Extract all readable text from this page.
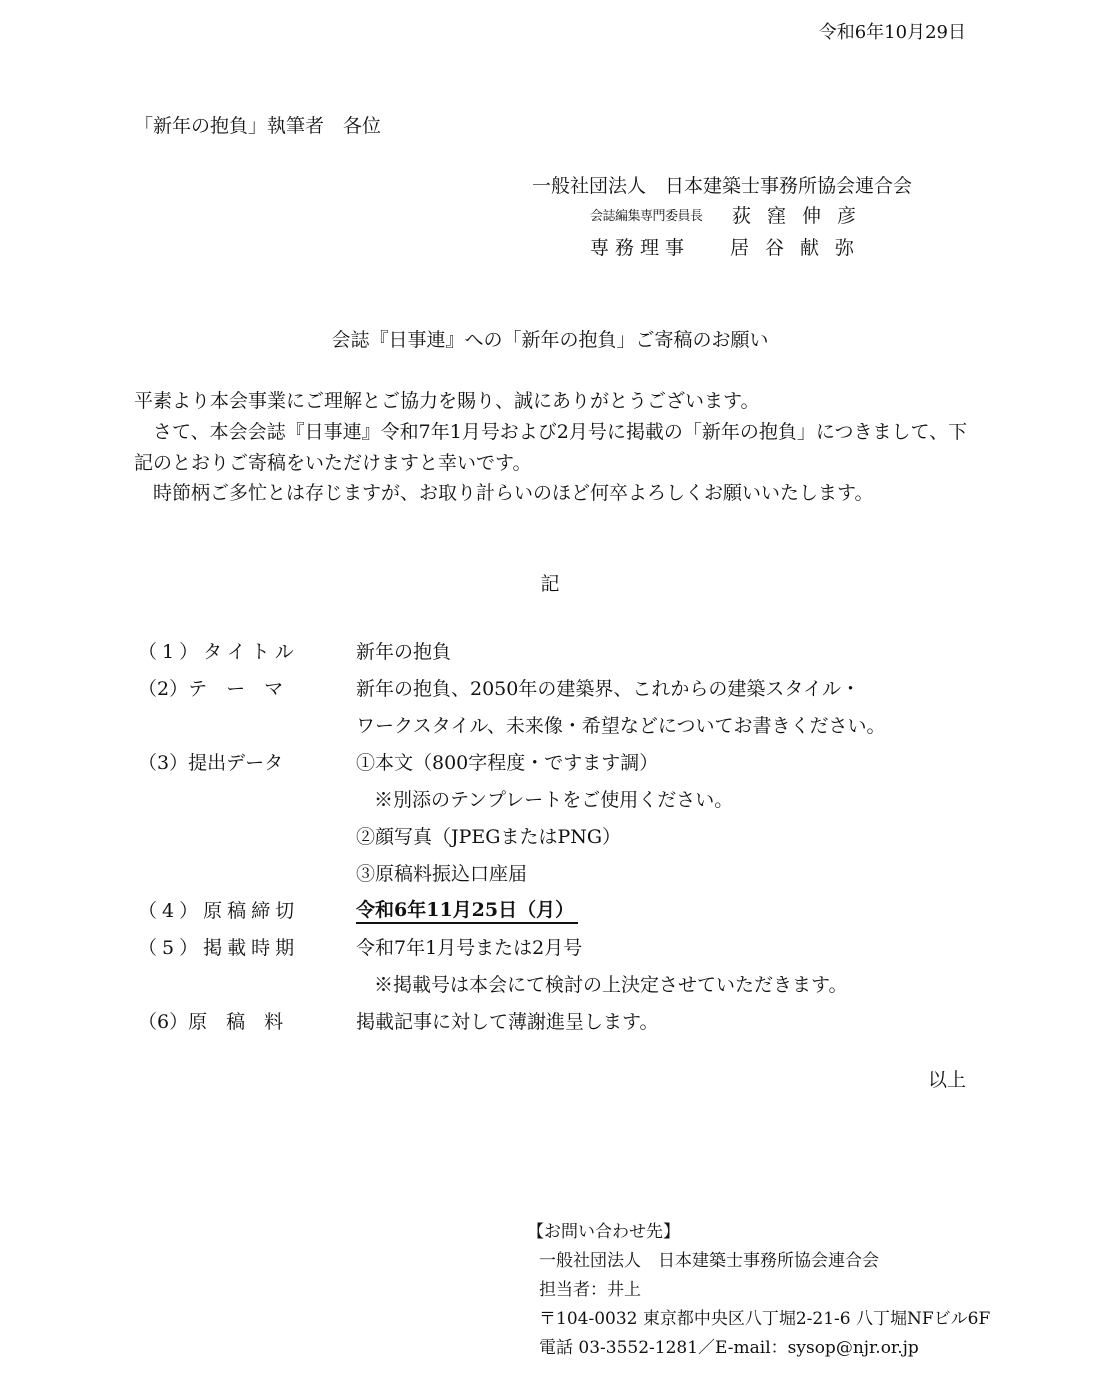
令和6年10月29日
「新年の抱負」執筆者　各位
一般社団法人　日本建築士事務所協会連合会
会誌編集専門委員長 荻窪伸彦
専務理事 居谷献弥
会誌『日事連』への「新年の抱負」ご寄稿のお願い

平素より本会事業にご理解とご協力を賜り、誠にありがとうございます。

　さて、本会会誌『日事連』令和7年1月号および2月号に掲載の「新年の抱負」につきまして、下記のとおりご寄稿をいただけますと幸いです。

　時節柄ご多忙とは存じますが、お取り計らいのほど何卒よろしくお願いいたします。

記
（1）タイトル	新年の抱負
（2）テ　ー　マ	新年の抱負、2050年の建築界、これからの建築スタイル・
ワークスタイル、未来像・希望などについてお書きください。
（3）提出データ	①本文（800字程度・ですます調）
※別添のテンプレートをご使用ください。
②顔写真（JPEGまたはPNG）
③原稿料振込口座届
（4）原稿締切	令和6年11月25日（月）
（5）掲載時期	令和7年1月号または2月号
※掲載号は本会にて検討の上決定させていただきます。
（6）原　稿　料	掲載記事に対して薄謝進呈します。
以上
【お問い合わせ先】
一般社団法人　日本建築士事務所協会連合会
担当者：井上
〒104-0032 東京都中央区八丁堀2-21-6 八丁堀NFビル6F
電話 03-3552-1281／E-mail：sysop@njr.or.jp
